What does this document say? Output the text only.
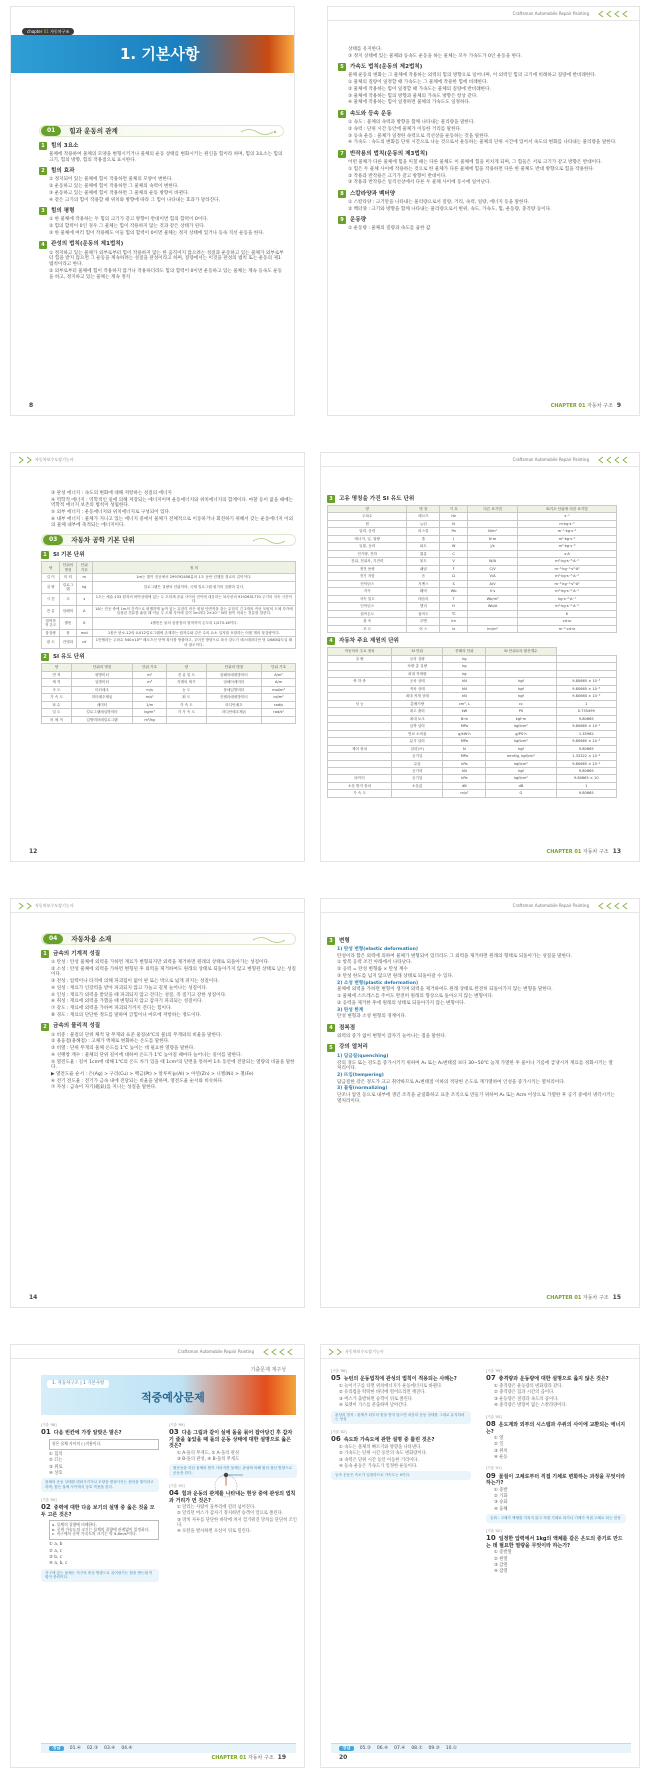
chapter 01 자동차구조
1. 기본사항
01	힘과 운동의 관계
1	힘의 3요소

물체에 작용하여 물체의 모양을 변형시키거나 물체의 운동 상태를 변화시키는 원인을 힘이라 하며, 힘의 3요소는 힘의 크기, 힘의 방향, 힘의 작용점으로 표시한다.

2	힘의 효과

① 정지되어 있는 물체에 힘이 작용하면 물체의 모양이 변한다.

② 운동하고 있는 물체에 힘이 작용하면 그 물체의 속력이 변한다.

③ 운동하고 있는 물체에 힘이 작용하면 그 물체의 운동 방향이 바뀐다.

④ 같은 크기의 힘이 작용할 때 위치와 방향에 따라 그 힘이 나타내는 효과가 달라진다.

3	힘의 평형

① 한 물체에 작용하는 두 힘의 크기가 같고 방향이 반대이면 힘의 합력이 0이다.

② 힘의 합력이 0인 경우 그 물체는 힘이 작용하지 않는 것과 같은 상태가 된다.

③ 한 물체에 여러 힘이 작용해도 이들 힘의 합력이 0이면 물체는 정지 상태에 있거나 등속 직선 운동을 한다.

4	관성의 법칙(운동의 제1법칙)

① 정지하고 있는 물체가 외부로부터 힘이 작용하지 않는 한 움직이지 않으려는 성질과 운동하고 있는 물체가 외부로부터 힘을 받지 않으면 그 운동을 계속하려는 성질을 관성이라고 하며, 질량에서는 이것을 관성의 법칙 또는 운동의 제1법칙이라고 한다.

② 외부로부터 물체에 힘이 작용하지 않거나 작용하더라도 힘의 합력이 0이면 운동하고 있는 물체는 계속 등속도 운동을 하고, 정지하고 있는 물체는 계속 정지

8
Craftsman Automobile Repair Painting

상태를 유지한다.

③ 정지 상태에 있는 물체와 등속도 운동을 하는 물체는 모두 가속도가 0인 운동을 한다.

5	가속도 법칙(운동의 제2법칙)

물체 운동의 변화는 그 물체에 작용하는 외력의 힘의 방향으로 일어나며, 이 외력인 힘의 크기에 비례하고 질량에 반비례한다.

① 물체의 질량이 일정할 때 가속도는 그 물체에 작용한 힘에 비례한다.

② 물체에 작용하는 힘이 일정할 때 가속도는 물체의 질량에 반비례한다.

③ 물체에 작용하는 힘의 방향과 물체의 가속도 방향은 항상 같다.

④ 물체에 작용하는 힘이 일정하면 물체의 가속도도 일정하다.

6	속도와 등속 운동

① 속도 : 물체의 속력과 방향을 함께 나타내는 물리량을 말한다.

② 속력 : 단위 시간 동안에 물체가 이동한 거리를 말한다.

③ 등속 운동 : 물체가 일정한 속력으로 직선상을 운동하는 것을 말한다.

④ 가속도 : 속도의 변화를 단위 시간으로 나눈 것으로서 운동하는 물체의 단위 시간에 있어서 속도의 변화를 나타내는 물리량을 말한다.

7	반작용의 법칙(운동의 제3법칙)

어떤 물체가 다른 물체에 힘을 미칠 때는 다른 물체도 이 물체에 힘을 미치게 되며, 그 힘들은 서로 크기가 같고 방향은 반대이다.

① 힘은 두 물체 사이에 작용하는 것으로 한 물체가 다른 물체에 힘을 작용하면 다른 한 물체도 반대 방향으로 힘을 작용한다.

② 작용과 반작용은 크기가 같고 방향이 반대이다.

③ 작용과 반작용은 일직선상에서 다른 두 물체 사이에 동시에 일어난다.

8	스칼라양과 벡터양

① 스칼라양 : 크기만을 나타내는 물리량으로서 질량, 거리, 속력, 일량, 에너지 등을 말한다.

② 벡터양 : 크기와 방향을 함께 나타내는 물리량으로서 변위, 속도, 가속도, 힘, 운동량, 충격량 등이다.

9	운동량

① 운동량 : 물체의 질량과 속도를 곱한 값

CHAPTER 01 자동차 구조 9
자동차보수도장기능사

③ 관성 에너지 : 속도의 변화에 대해 저항하는 성질의 에너지

④ 역학적 에너지 : 역학적인 일에 의해 저장되는 에너지이며 운동에너지와 위치에너지의 합계이다. 마찰 등이 없을 때에는 역학적 에너지 보존의 법칙이 성립한다.

⑤ 외부 에너지 : 운동에너지와 위치에너지로 구성되어 있다.

⑥ 내부 에너지 : 물체가 지니고 있는 에너지 중에서 물체가 전체적으로 이동하거나 회전하기 위해서 갖는 운동에너지 이외의 물체 내부에 축적되는 에너지이다.

03	자동차 공학 기본 단위
1	SI 기본 단위
양	단위의 명칭	단위 기호	정 의
길 이	미 터	m	1m는 빛이 진공에서 299792458분의 1초 동안 진행한 경로의 길이이다.
질 량	킬로그램	kg	킬로그램은 질량의 단위이며, 국제 킬로그램 원기의 질량과 같다.
시 간	초	s	1초는 세슘-133 원자의 바닥상태에 있는 두 초미세 준위 사이의 전이에 대응하는 복사선의 9192631770 주기의 지속 시간이다.
전 류	암페어	A	1A는 진공 중에 1m의 간격으로 평행하게 놓여 있는 무한히 작은 원형 단면적을 갖는 무한히 긴 2개의 직선 모양의 도체 각각에 일정한 전류를 흘릴 때 이들 두 도체 사이에 길이 1m마다 2×10⁻⁷ N의 힘이 미치는 전류를 말한다.
열역학적 온도	켈빈	K	1켈빈은 물의 삼중점의 열역학적 온도의 1/273.16이다.
물질량	몰	mol	1몰은 탄소-12의 0.012킬로그램에 존재하는 원자수와 같은 수의 요소 입자를 포함하는 어떤 계의 물질량이다.
광 도	칸델라	cd	1칸델라는 주파수 540×10¹² 헤르츠인 단색 복사를 방출하고, 주어진 방향으로 복사 강도가 매스테라디안 당 1/683와트일 때의 광도이다.
2	SI 유도 단위
양	단위의 명칭	단위 기호	양	단위의 명칭	단위 기호
면 적	평방미터	m²	전 류 밀 도	암페어매평방미터	A/m²
체 적	입방미터	m³	자계의 세기	암페어매미터	A/m
속 도	미터매초	m/s	농 도	몰매입방미터	mol/m³
가 속 도	미터매초제곱	m/s²	휘 도	칸델라매평방미터	cd/m²
파 수	매미터	1/m	각 속 도	라디안매초	rad/s
밀 도	킬로그램매입방미터	kg/m³	각 가 속 도	라디안매초제곱	rad/s²
비 체 적	입방미터매킬로그램	m³/kg			
12
Craftsman Automobile Repair Painting
3	고유 명칭을 가진 SI 유도 단위
양	명 칭	기 호	다른 표기법	SI기초 단위에 의한 표기법
주파수	헤르츠	Hz		s⁻¹
힘	뉴턴	N		m·kg·s⁻²
압력, 응력	파스칼	Pa	N/m²	m⁻¹·kg·s⁻²
에너지, 일, 열량	줄	J	N·m	m²·kg·s⁻²
일률, 동력	와트	W	J/s	m²·kg·s⁻³
전기량, 전하	쿨롬	C		s·A
전위, 전위차, 기전력	볼트	V	W/A	m²·kg·s⁻³·A⁻¹
정전 용량	패럿	F	C/V	m⁻²·kg⁻¹·s⁴·A²
전기 저항	옴	Ω	V/A	m²·kg·s⁻³·A⁻²
컨덕턴스	지멘스	S	A/V	m⁻²·kg⁻¹·s³·A²
자속	웨버	Wb	V·s	m²·kg·s⁻²·A⁻¹
자속 밀도	테슬라	T	Wb/m²	kg·s⁻²·A⁻¹
인덕턴스	헨리	H	Wb/A	m²·kg·s⁻²·A⁻²
섭씨온도	섭씨도	℃		K
광 속	루멘	lm		cd·sr
조 도	럭 스	lx	lm/m²	m⁻²·cd·sr
4	자동차 주요 제원의 단위
자동차의 주요 정치	SI 단위	종래의 단위	SI 단위로의 환산계수	
질 량	공차 질량	kg		
	차량 총 질량	kg		
	최대 적재량	kg		
축 하 중	공차 상태	kN	kgf	9.80665 × 10⁻³
	적차 상태	kN	kgf	9.80665 × 10⁻³
	최대 적재 상태	kN	kgf	9.80665 × 10⁻³
성 능	총배기량	cm³, L	cc	1
	최고 출력	kW	PS	0.735499
	최대 토크	N·m	kgf·m	9.80665
	압축 압력	MPa	kgf/cm²	9.80665 × 10⁻²
	연료 소비율	g/kW·h	g/PS·h	1.35962
	분사 압력	MPa	kgf/cm²	9.80665 × 10⁻²
제어 장치	압력(브)	N	kgf	9.80665
	공기압	MPa	mmHg, kgf/cm²	1.33322 × 10⁻⁴
	유압	kPa	kgf/cm²	9.80665 × 10⁻²
	공기력	kN	kgf	9.80665
타이어	공기압	kPa	kgf/cm²	9.80665 × 10
소음 방지 장치	소음값	dB	dB	1
가 속 도		m/s²	G	9.80665
CHAPTER 01 자동차 구조 13
자동차보수도장기능사
04	자동차용 소재
1	금속의 기계적 성질

① 탄성 : 탄성 물체에 외력을 가하면 재료가 변형되지만 외력을 제거하면 원래의 상태로 되돌아가는 성질이다.

② 소성 : 탄성 물체에 외력을 가하면 변형된 후 외력을 제거하여도 원래의 상태로 되돌아가지 않고 변형된 상태로 남는 성질이다.

③ 전성 : 압력이나 타격에 의해 파괴됨이 없이 판 또는 박으로 넓게 퍼지는 성질이다.

④ 연성 : 재료가 인장력을 받아 파괴되지 않고 가늘고 길게 늘어나는 성질이다.

⑤ 인성 : 재료가 외력을 받았을 때 파괴되지 않고 견디는 성질, 즉 질기고 강한 성질이다.

⑥ 취성 : 재료에 외력을 가했을 때 변형되지 않고 갑자기 파괴되는 성질이다.

⑦ 강도 : 재료에 외력을 가하여 파괴되기까지 견디는 힘이다.

⑧ 경도 : 재료의 단단한 정도를 말하며 긁힘이나 마모에 저항하는 정도이다.

2	금속의 물리적 성질

① 비중 : 물질의 단위 체적 당 무게와 표준 물질(4℃의 물)의 무게와의 비율을 말한다.

② 용융점(용해점) : 고체가 액체로 변화하는 온도를 말한다.

③ 비열 : 단위 무게의 물체 온도를 1℃ 높이는 데 필요한 열량을 말한다.

④ 선팽창 계수 : 물체의 단위 길이에 대하여 온도가 1℃ 높아질 때마다 늘어나는 길이를 말한다.

⑤ 열전도율 : 길이 1cm에 대해 1℃의 온도 차가 있을 때 1cm²의 단면을 통하여 1초 동안에 전달되는 열량의 비율을 말한다.

▶ 열전도율 순서 : 은(Ag) > 구리(Cu) > 백금(Pt) > 알루미늄(Al) > 아연(Zn) > 니켈(Ni) > 철(Fe)

⑥ 전기 전도율 : 전기가 금속 내에 전달되는 비율을 말하며, 열전도율 순서와 비슷하다.

⑦ 자성 : 금속이 자기(磁氣)를 지니는 성질을 말한다.

14
Craftsman Automobile Repair Painting
3	변형

1) 탄성 변형(elastic deformation)

탄성이라 함은 외력에 의하여 물체가 변형되어 있더라도 그 외력을 제거하면 원래의 형태로 되돌아가는 성질을 말한다.

① 항복 응력 조건 아래에서 나타난다.

② 응력 = 탄성 변형률 × 탄성 계수

③ 탄성 한도를 넘지 않으면 원래 상태로 되돌아갈 수 있다.

2) 소성 변형(plastic deformation)

물체에 외력을 가하면 변형이 생기며 외력을 제거하여도 원래 상태로 완전히 되돌아가지 않는 변형을 말한다.

① 물체에 스트레스를 주어도 완전히 원래의 형상으로 돌아오지 않는 변형이다.

② 응력을 제거한 후에 원래의 상태로 되돌아가지 않는 변형이다.

3) 탄성 한계

탄성 변형과 소성 변형의 경계이다.

4	점복점

외력의 증가 없이 변형이 갑자기 늘어나는 점을 말한다.

5	강의 열처리

1) 담금질(quenching)

강의 경도 또는 강도를 증가시키기 위하여 A₃ 또는 A₁변태점 보다 30~50℃ 높게 가열한 후 물이나 기름에 급냉시켜 재료를 경화시키는 열처리이다.

2) 뜨임(tempering)

담금질한 강은 경도가 크고 취약하므로 A₁변태점 이하의 적당한 온도로 재가열하여 인성을 증가시키는 열처리이다.

3) 불림(normalizing)

단조나 압연 등으로 내부에 생긴 조직을 균일화하고 표준 조직으로 만들기 위하여 A₃ 또는 Acm 이상으로 가열한 후 공기 중에서 냉각시키는 열처리이다.

CHAPTER 01 자동차 구조 15
Craftsman Automobile Repair Painting
기출문제 재구성
1. 자동차구조 | 1 기본사항
적중예상문제
[기출 '98]
01 다음 빈칸에 가장 알맞은 말은?
힘은 물체 사이의 ( )작용이다.
① 힘의
② 끄는
③ 위로
④ 상호
물체의 운동 상태를 변화시키거나 모양을 변형시키는 원인을 힘이라고 하며, 힘은 물체 사이에서 상호 작용을 한다.
[기출 '00]
02 중력에 대한 다음 보기의 설명 중 옳은 것을 모두 고른 것은?
a. 물체의 질량에 비례한다.
b. 중력 가속도의 크기는 물체의 질량에 관계없이 일정하다.
c. 지구에서 중력 가속도의 크기는 약 9.8m/s²이다.
① a, b
② a, c
③ b, c
④ a, b, c
지구에 있는 물체는 지구의 중심 방향으로 끌어당기는 힘을 받는데 이 힘이 중력이다.
[기출 '99]
03 다음 그림과 같이 실에 돌을 묶어 잡아당긴 후 갑자기 줄을 놓았을 때 돌의 운동 상태에 대한 설명으로 옳은 것은?
① A-돌의 무게도, ② A-돌의 관성
③ B-돌의 관성, ④ B-돌의 무게도
원운동을 하던 물체의 힘이 사라지면 물체는 관성에 의해 원의 접선 방향으로 운동을 한다.
[기출 '02]
04 힘과 운동의 관계를 나타내는 현상 중에 관성의 법칙과 거리가 먼 것은?
① 달리는 사람이 돌부리에 걸려 넘어진다.
② 달리던 버스가 갑자기 정지하면 승객이 앞으로 쏠린다.
③ 망치 자루를 단단한 바닥에 쳐서 헐거워진 망치를 단단히 조인다.
④ 포탄을 발사하면 포신이 뒤로 밀린다.
정답	01.④ 02.③ 03.④ 04.④
CHAPTER 01 자동차 구조 19
자동차보수도장기능사
[기출 '98]
05 뉴턴의 운동법칙에 관성의 법칙이 적용되는 사례는?
① 놀이기구를 타면 위치에너지가 운동에너지로 바뀐다.
② 유리컵을 딱딱한 바닥에 떨어뜨리면 깨진다.
③ 버스가 출발하면 승객이 뒤로 쏠린다.
④ 로켓이 가스를 분출하며 날아간다.
관성의 법칙 : 물체가 외부의 힘을 받지 않으면 처음의 운동 상태를 그대로 유지하려는 성질
[기출 '02]
06 속도와 가속도에 관한 설명 중 틀린 것은?
① 속도는 물체의 빠르기와 방향을 나타낸다.
② 가속도는 단위 시간 동안의 속도 변화량이다.
③ 속력은 단위 시간 동안 이동한 거리이다.
④ 등속 운동은 가속도가 일정한 운동이다.
등속 운동은 속도가 일정하므로 가속도는 0이다.
[기출 '99]
07 충격량과 운동량에 대한 설명으로 옳지 않은 것은?
① 충격량은 운동량의 변화량과 같다.
② 충격량은 힘과 시간의 곱이다.
③ 운동량은 질량과 속도의 곱이다.
④ 충격량은 방향이 없는 스칼라양이다.
[기출 '00]
08 운도계와 외부의 시스템과 주위의 사이에 교환되는 에너지는?
① 열
② 일
③ 위치
④ 운동
[기출 '01]
09 물질이 고체로부터 직접 기체로 변화하는 과정을 무엇이라 하는가?
① 증발
② 기화
③ 승화
④ 융해
승화 : 고체가 액체를 거치지 않고 직접 기체로 되거나 기체가 직접 고체로 되는 현상
[기출 '02]
10 일정한 압력에서 1kg의 액체를 같은 온도의 증기로 만드는 데 필요한 열량을 무엇이라 하는가?
① 증발열
② 현열
③ 감열
④ 잠열
정답	05.③ 06.④ 07.④ 08.① 09.③ 10.①
20
